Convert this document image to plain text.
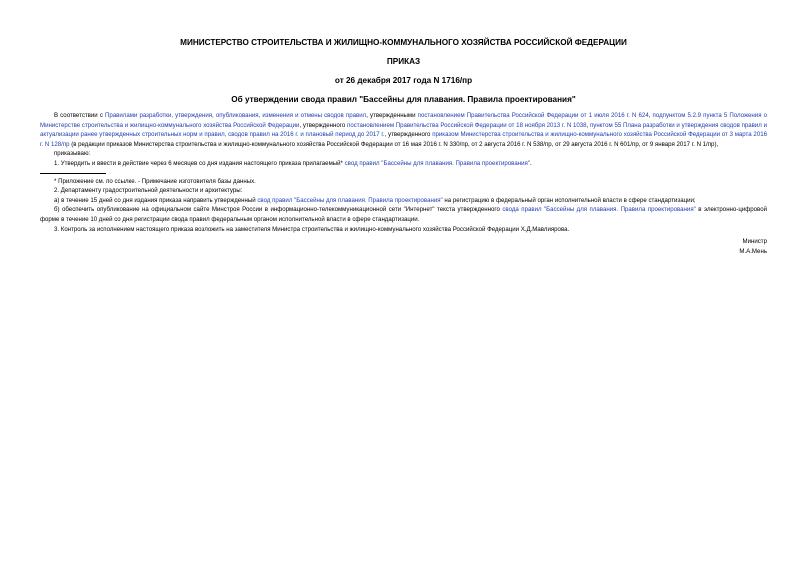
МИНИСТЕРСТВО СТРОИТЕЛЬСТВА И ЖИЛИЩНО-КОММУНАЛЬНОГО ХОЗЯЙСТВА РОССИЙСКОЙ ФЕДЕРАЦИИ

ПРИКАЗ

от 26 декабря 2017 года N 1716/пр

Об утверждении свода правил "Бассейны для плавания. Правила проектирования"

В соответствии с Правилами разработки, утверждения, опубликования, изменения и отмены сводов правил, утвержденными постановлением Правительства Российской Федерации от 1 июля 2016 г. N 624, подпунктом 5.2.9 пункта 5 Положения о Министерстве строительства и жилищно-коммунального хозяйства Российской Федерации, утвержденного постановлением Правительства Российской Федерации от 18 ноября 2013 г. N 1038, пунктом 55 Плана разработки и утверждения сводов правил и актуализации ранее утвержденных строительных норм и правил, сводов правил на 2016 г. и плановый период до 2017 г., утвержденного приказом Министерства строительства и жилищно-коммунального хозяйства Российской Федерации от 3 марта 2016 г. N 128/пр (в редакции приказов Министерства строительства и жилищно-коммунального хозяйства Российской Федерации от 16 мая 2016 г. N 330/пр, от 2 августа 2016 г. N 538/пр, от 29 августа 2016 г. N 601/пр, от 9 января 2017 г. N 1/пр),

приказываю:

1. Утвердить и ввести в действие через 6 месяцев со дня издания настоящего приказа прилагаемый* свод правил "Бассейны для плавания. Правила проектирования".

* Приложение см. по ссылке. - Примечание изготовителя базы данных.

2. Департаменту градостроительной деятельности и архитектуры:

а) в течение 15 дней со дня издания приказа направить утвержденный свод правил "Бассейны для плавания. Правила проектирования" на регистрацию в федеральный орган исполнительной власти в сфере стандартизации;

б) обеспечить опубликование на официальном сайте Минстроя России в информационно-телекоммуникационной сети "Интернет" текста утвержденного свода правил "Бассейны для плавания. Правила проектирования" в электронно-цифровой форме в течение 10 дней со дня регистрации свода правил федеральным органом исполнительной власти в сфере стандартизации.

3. Контроль за исполнением настоящего приказа возложить на заместителя Министра строительства и жилищно-коммунального хозяйства Российской Федерации Х.Д.Мавлиярова.

Министр

М.А.Мень
